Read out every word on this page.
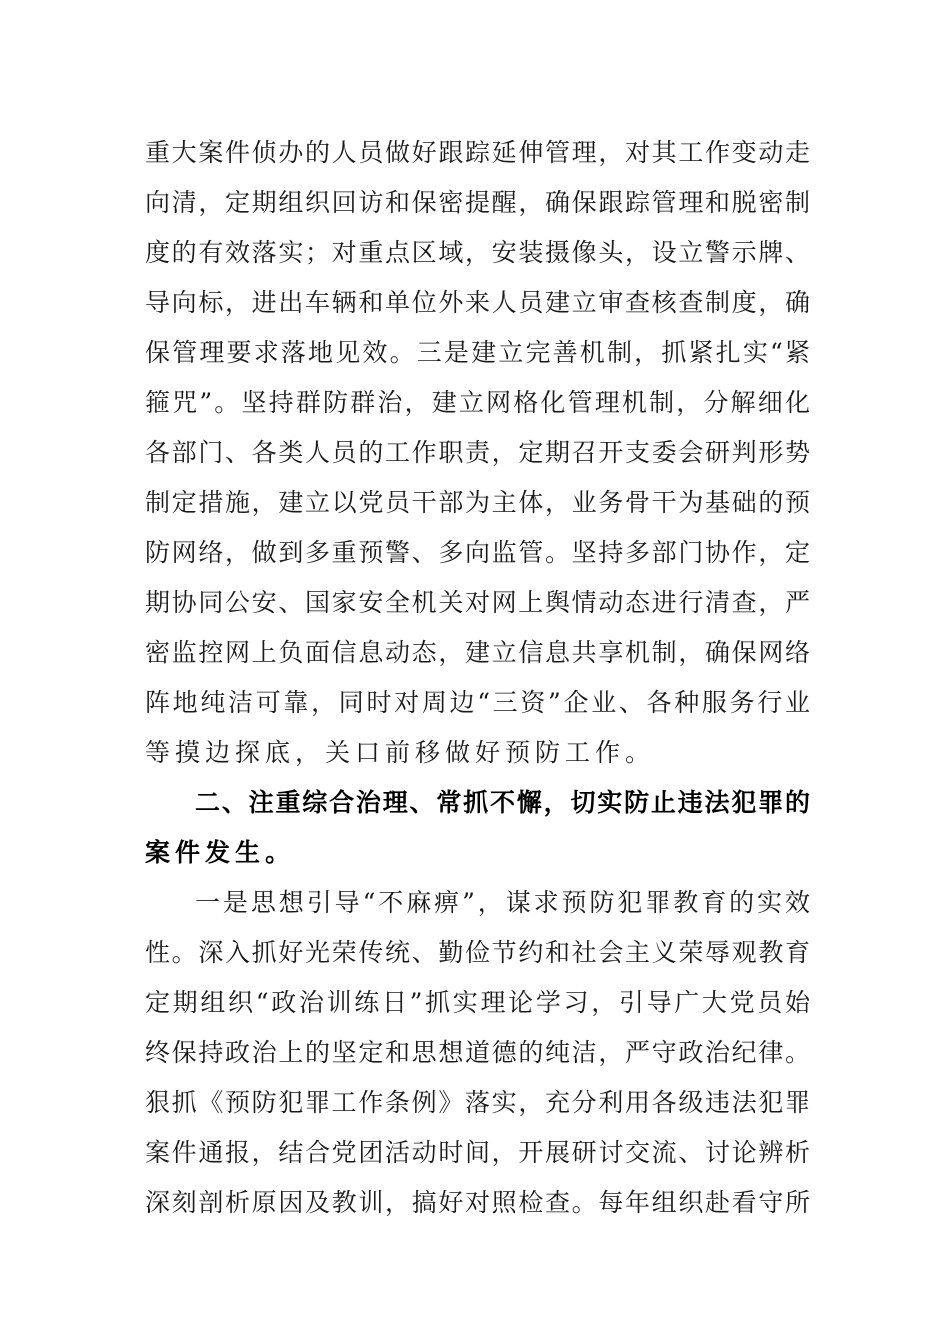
重大案件侦办的人员做好跟踪延伸管理，对其工作变动走
向清，定期组织回访和保密提醒，确保跟踪管理和脱密制
度的有效落实；对重点区域，安装摄像头，设立警示牌、
导向标，进出车辆和单位外来人员建立审查核查制度，确
保管理要求落地见效。三是建立完善机制，抓紧扎实“紧
箍咒”。坚持群防群治，建立网格化管理机制，分解细化
各部门、各类人员的工作职责，定期召开支委会研判形势
制定措施，建立以党员干部为主体，业务骨干为基础的预
防网络，做到多重预警、多向监管。坚持多部门协作，定
期协同公安、国家安全机关对网上舆情动态进行清查，严
密监控网上负面信息动态，建立信息共享机制，确保网络
阵地纯洁可靠，同时对周边“三资”企业、各种服务行业
等摸边探底，关口前移做好预防工作。
二、注重综合治理、常抓不懈，切实防止违法犯罪的
案件发生。
一是思想引导“不麻痹”，谋求预防犯罪教育的实效
性。深入抓好光荣传统、勤俭节约和社会主义荣辱观教育
定期组织“政治训练日”抓实理论学习，引导广大党员始
终保持政治上的坚定和思想道德的纯洁，严守政治纪律。
狠抓《预防犯罪工作条例》落实，充分利用各级违法犯罪
案件通报，结合党团活动时间，开展研讨交流、讨论辨析
深刻剖析原因及教训，搞好对照检查。每年组织赴看守所
